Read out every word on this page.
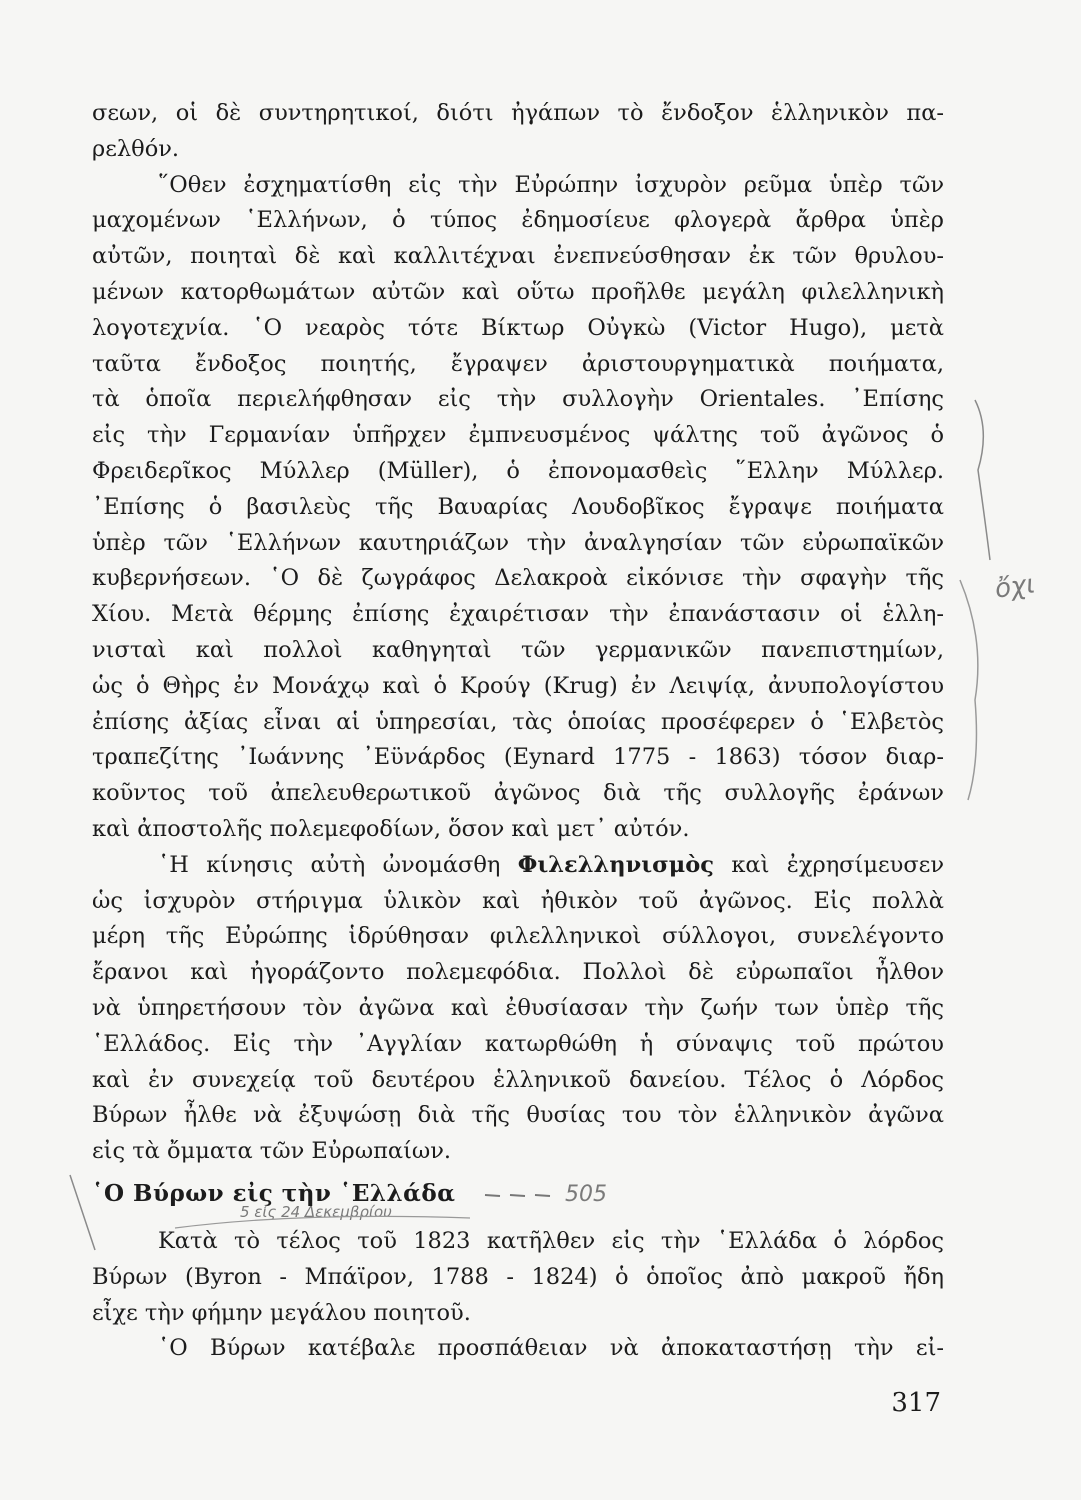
σεων, οἱ δὲ συντηρητικοί, διότι ἠγάπων τὸ ἔνδοξον ἑλληνικὸν πα-
ρελθόν.
῞Οθεν ἐσχηματίσθη εἰς τὴν Εὐρώπην ἰσχυρὸν ρεῦμα ὑπὲρ τῶν
μαχομένων ῾Ελλήνων, ὁ τύπος ἐδημοσίευε φλογερὰ ἄρθρα ὑπὲρ
αὐτῶν, ποιηταὶ δὲ καὶ καλλιτέχναι ἐνεπνεύσθησαν ἐκ τῶν θρυλου-
μένων κατορθωμάτων αὐτῶν καὶ οὕτω προῆλθε μεγάλη φιλελληνικὴ
λογοτεχνία. ῾Ο νεαρὸς τότε Βίκτωρ Οὐγκὼ (Victor Hugo), μετὰ
ταῦτα ἔνδοξος ποιητής, ἔγραψεν ἀριστουργηματικὰ ποιήματα,
τὰ ὁποῖα περιελήφθησαν εἰς τὴν συλλογὴν Orientales. ᾽Επίσης
εἰς τὴν Γερμανίαν ὑπῆρχεν ἐμπνευσμένος ψάλτης τοῦ ἀγῶνος ὁ
Φρειδερῖκος Μύλλερ (Müller), ὁ ἐπονομασθεὶς ῞Ελλην Μύλλερ.
᾽Επίσης ὁ βασιλεὺς τῆς Βαυαρίας Λουδοβῖκος ἔγραψε ποιήματα
ὑπὲρ τῶν ῾Ελλήνων καυτηριάζων τὴν ἀναλγησίαν τῶν εὐρωπαϊκῶν
κυβερνήσεων. ῾Ο δὲ ζωγράφος Δελακροὰ εἰκόνισε τὴν σφαγὴν τῆς
Χίου. Μετὰ θέρμης ἐπίσης ἐχαιρέτισαν τὴν ἐπανάστασιν οἱ ἑλλη-
νισταὶ καὶ πολλοὶ καθηγηταὶ τῶν γερμανικῶν πανεπιστημίων,
ὡς ὁ Θὴρς ἐν Μονάχῳ καὶ ὁ Κρούγ (Krug) ἐν Λειψίᾳ, ἀνυπολογίστου
ἐπίσης ἀξίας εἶναι αἱ ὑπηρεσίαι, τὰς ὁποίας προσέφερεν ὁ ῾Ελβετὸς
τραπεζίτης ᾽Ιωάννης ᾽Εϋνάρδος (Eynard 1775 - 1863) τόσον διαρ-
κοῦντος τοῦ ἀπελευθερωτικοῦ ἀγῶνος διὰ τῆς συλλογῆς ἐράνων
καὶ ἀποστολῆς πολεμεφοδίων, ὅσον καὶ μετ᾽ αὐτόν.
῾Η κίνησις αὐτὴ ὠνομάσθη Φιλελληνισμὸς καὶ ἐχρησίμευσεν
ὡς ἰσχυρὸν στήριγμα ὑλικὸν καὶ ἠθικὸν τοῦ ἀγῶνος. Εἰς πολλὰ
μέρη τῆς Εὐρώπης ἱδρύθησαν φιλελληνικοὶ σύλλογοι, συνελέγοντο
ἔρανοι καὶ ἠγοράζοντο πολεμεφόδια. Πολλοὶ δὲ εὐρωπαῖοι ἦλθον
νὰ ὑπηρετήσουν τὸν ἀγῶνα καὶ ἐθυσίασαν τὴν ζωήν των ὑπὲρ τῆς
῾Ελλάδος. Εἰς τὴν ᾽Αγγλίαν κατωρθώθη ἡ σύναψις τοῦ πρώτου
καὶ ἐν συνεχείᾳ τοῦ δευτέρου ἑλληνικοῦ δανείου. Τέλος ὁ Λόρδος
Βύρων ἦλθε νὰ ἐξυψώσῃ διὰ τῆς θυσίας του τὸν ἑλληνικὸν ἀγῶνα
εἰς τὰ ὄμματα τῶν Εὐρωπαίων.
῾Ο Βύρων εἰς τὴν ῾Ελλάδα
Κατὰ τὸ τέλος τοῦ 1823 κατῆλθεν εἰς τὴν ῾Ελλάδα ὁ λόρδος
Βύρων (Byron - Μπάϊρον, 1788 - 1824) ὁ ὁποῖος ἀπὸ μακροῦ ἤδη
εἶχε τὴν φήμην μεγάλου ποιητοῦ.
῾Ο Βύρων κατέβαλε προσπάθειαν νὰ ἀποκαταστήσῃ τὴν εἰ-
317
ὄχι
505
5 εἰς 24 Δεκεμβρίου
